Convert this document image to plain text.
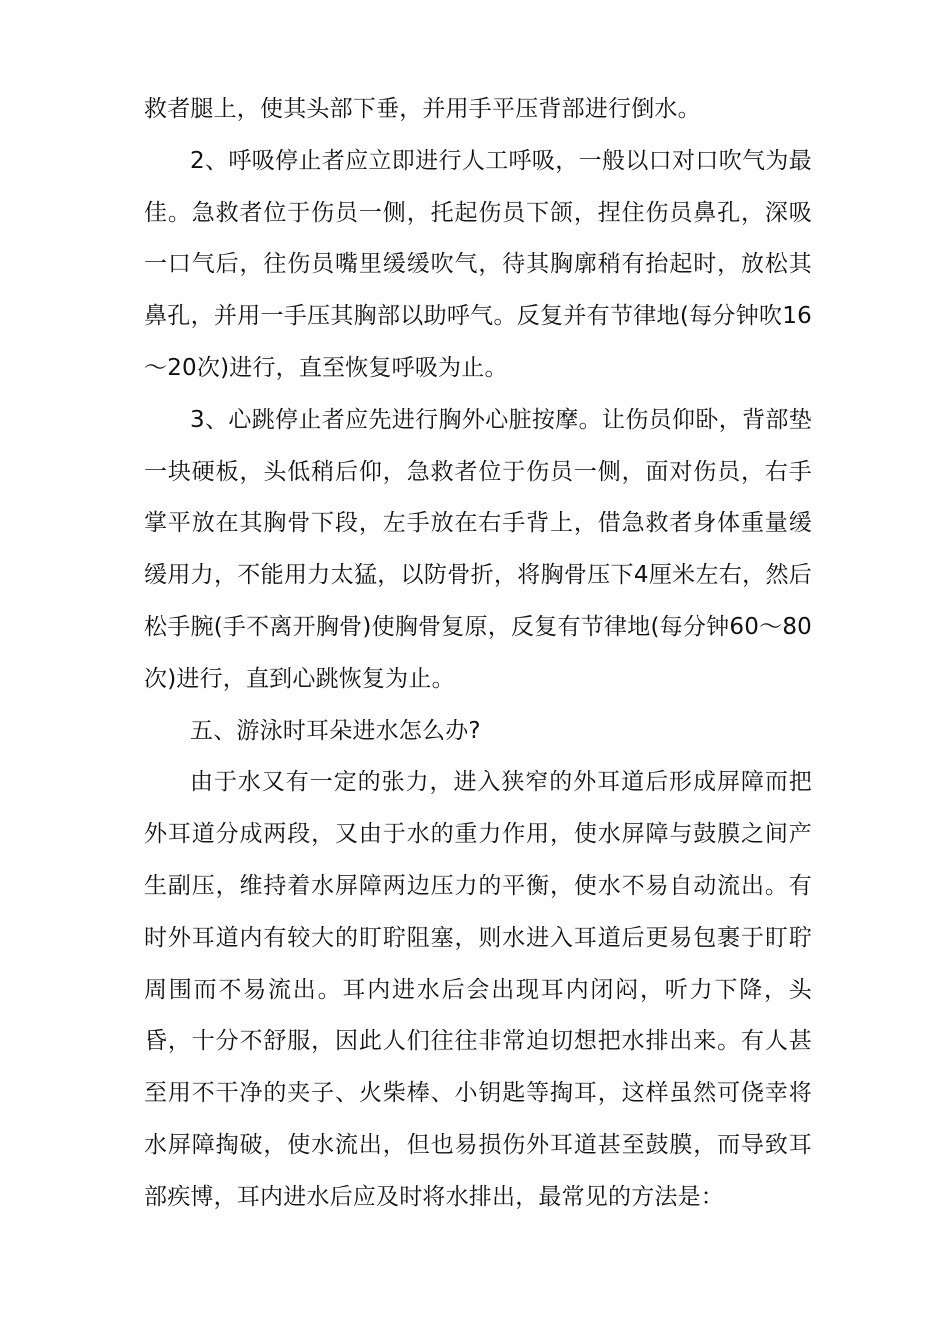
救者腿上，使其头部下垂，并用手平压背部进行倒水。

2、呼吸停止者应立即进行人工呼吸，一般以口对口吹气为最佳。急救者位于伤员一侧，托起伤员下颌，捏住伤员鼻孔，深吸一口气后，往伤员嘴里缓缓吹气，待其胸廓稍有抬起时，放松其鼻孔，并用一手压其胸部以助呼气。反复并有节律地(每分钟吹16～20次)进行，直至恢复呼吸为止。

3、心跳停止者应先进行胸外心脏按摩。让伤员仰卧，背部垫一块硬板，头低稍后仰，急救者位于伤员一侧，面对伤员，右手掌平放在其胸骨下段，左手放在右手背上，借急救者身体重量缓缓用力，不能用力太猛，以防骨折，将胸骨压下4厘米左右，然后松手腕(手不离开胸骨)使胸骨复原，反复有节律地(每分钟60～80次)进行，直到心跳恢复为止。

五、游泳时耳朵进水怎么办?

由于水又有一定的张力，进入狭窄的外耳道后形成屏障而把外耳道分成两段，又由于水的重力作用，使水屏障与鼓膜之间产生副压，维持着水屏障两边压力的平衡，使水不易自动流出。有时外耳道内有较大的盯聍阻塞，则水进入耳道后更易包裹于盯聍周围而不易流出。耳内进水后会出现耳内闭闷，听力下降，头昏，十分不舒服，因此人们往往非常迫切想把水排出来。有人甚至用不干净的夹子、火柴棒、小钥匙等掏耳，这样虽然可侥幸将水屏障掏破，使水流出，但也易损伤外耳道甚至鼓膜，而导致耳部疾博，耳内进水后应及时将水排出，最常见的方法是：
